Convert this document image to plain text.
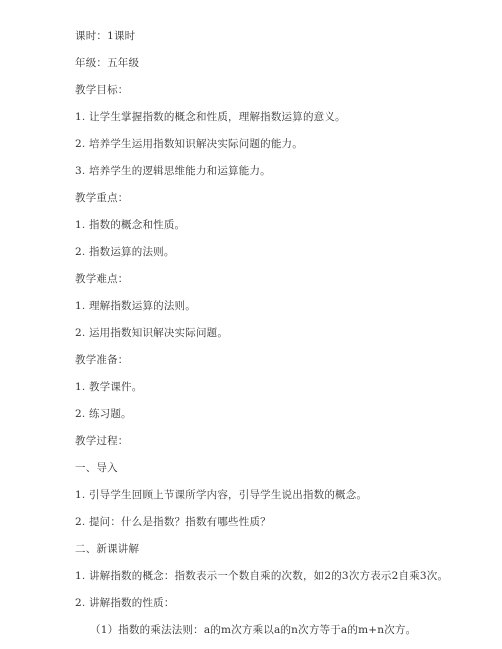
课时：1课时
年级：五年级
教学目标：
1. 让学生掌握指数的概念和性质，理解指数运算的意义。
2. 培养学生运用指数知识解决实际问题的能力。
3. 培养学生的逻辑思维能力和运算能力。
教学重点：
1. 指数的概念和性质。
2. 指数运算的法则。
教学难点：
1. 理解指数运算的法则。
2. 运用指数知识解决实际问题。
教学准备：
1. 教学课件。
2. 练习题。
教学过程：
一、导入
1. 引导学生回顾上节课所学内容，引导学生说出指数的概念。
2. 提问：什么是指数？指数有哪些性质？
二、新课讲解
1. 讲解指数的概念：指数表示一个数自乘的次数，如2的3次方表示2自乘3次。
2. 讲解指数的性质：
（1）指数的乘法法则：a的m次方乘以a的n次方等于a的m+n次方。
